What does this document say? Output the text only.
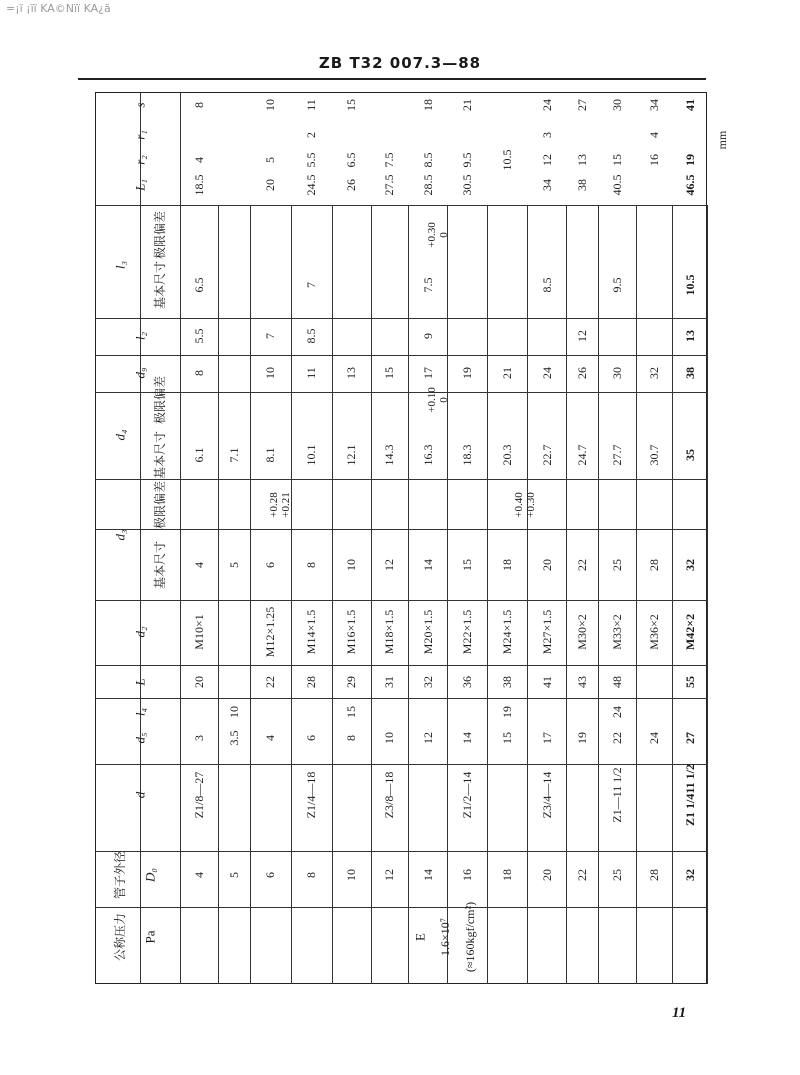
=¡ï ¡ïï KA©Nïï KA¿ä
ZB T32 007.3—88
公称压力 Pa
管子外径 D₀
d
d₅
l₄
L
d₂
d₃
基本尺寸
极限偏差
d₄ 基本尺寸
极限偏差
d₉
l₂
l₃ 基本尺寸
极限偏差
L₁
r₂
r₁
s
E 1.6×10⁷ (≈160kgf/cm²)
4
Z1/8—27
3
20
M10×1
4
6.1
8
5.5
6.5
18.5
4
8
5
3.5
10
5
7.1
6
4
22
M12×1.25
6
8.1
10
7
20
5
10
8
Z1/4—18
6
28
M14×1.5
8
10.1
11
8.5
7
24.5
5.5
2
11
10
8
15
29
M16×1.5
10
12.1
13
26
6.5
15
12
Z3/8—18
10
31
M18×1.5
12
14.3
15
27.5
7.5
14
12
32
M20×1.5
14
16.3
17
9
7.5
28.5
8.5
18
16
Z1/2—14
14
36
M22×1.5
15
18.3
19
30.5
9.5
21
18
15
19
38
M24×1.5
18
20.3
21
10.5
20
Z3/4—14
17
41
M27×1.5
20
22.7
24
8.5
34
12
3
24
22
19
43
M30×2
22
24.7
26
12
38
13
27
25
Z1—11 1/2
22
24
48
M33×2
25
27.7
30
9.5
40.5
15
30
28
24
M36×2
28
30.7
32
16
4
34
32
Z1 1/411 1/2
27
55
M42×2
32
35
38
13
10.5
46.5
19
41
+0.28
+0.21	+0.40
+0.30
+0.10
0
+0.30
0
mm
11
